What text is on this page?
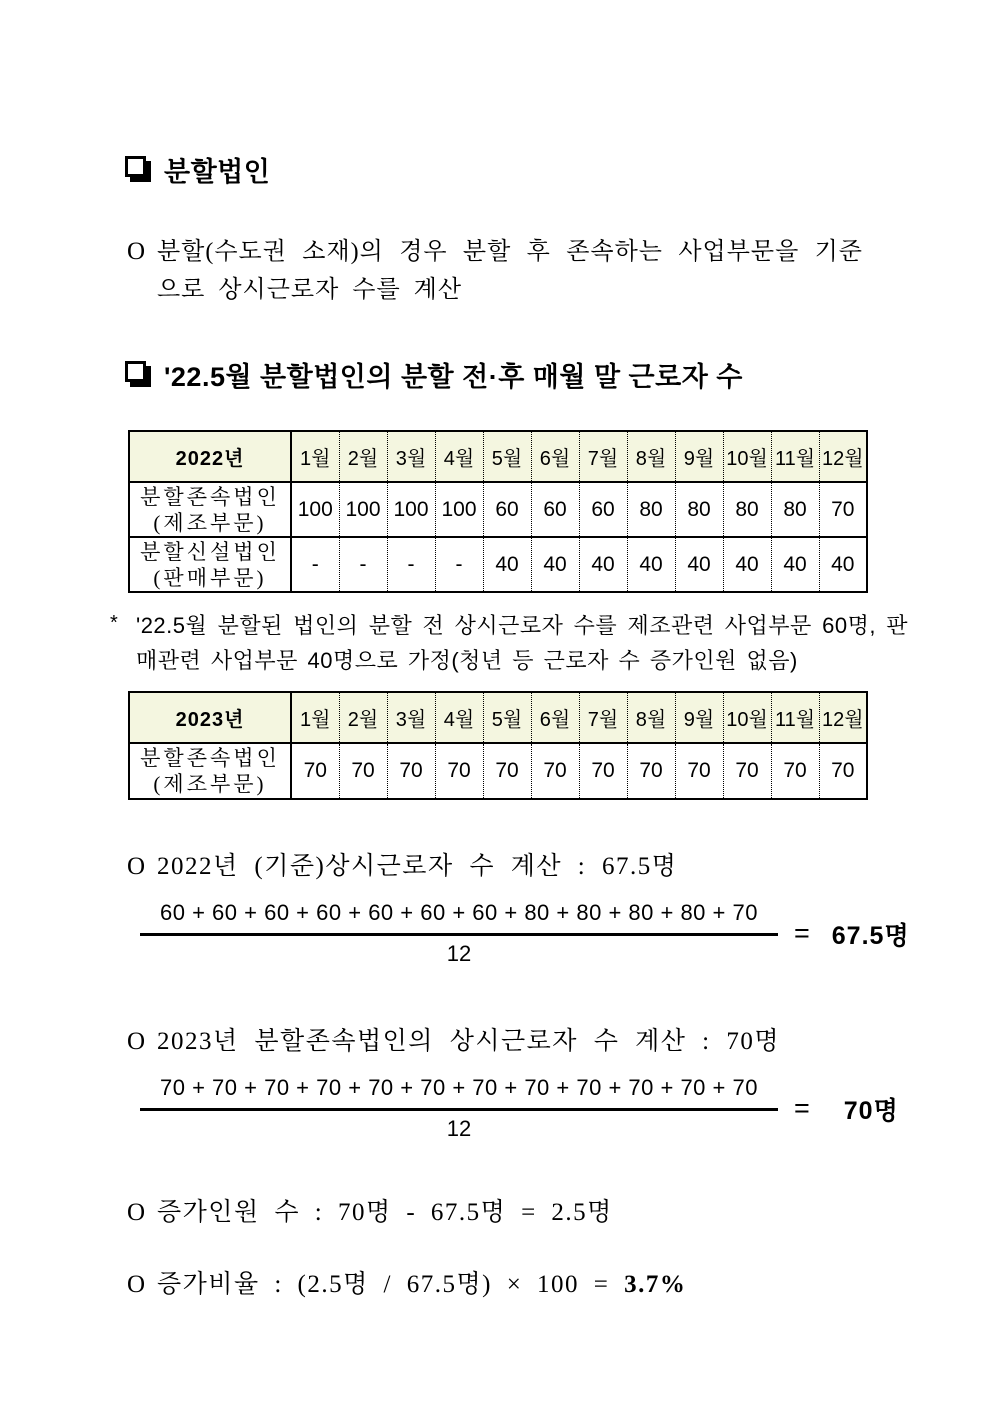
분할법인
O 분할(수도권 소재)의 경우 분할 후 존속하는 사업부문을 기준으로 상시근로자 수를 계산
'22.5월 분할법인의 분할 전·후 매월 말 근로자 수
2022년	1월	2월	3월	4월	5월	6월	7월	8월	9월	10월	11월	12월

분할존속법인
(제조부문)	100	100	100	100	60	60	60	80	80	80	80	70

분할신설법인
(판매부문)	-	-	-	-	40	40	40	40	40	40	40	40
* '22.5월 분할된 법인의 분할 전 상시근로자 수를 제조관련 사업부문 60명, 판매관련 사업부문 40명으로 가정(청년 등 근로자 수 증가인원 없음)
2023년	1월	2월	3월	4월	5월	6월	7월	8월	9월	10월	11월	12월

분할존속법인
(제조부문)	70	70	70	70	70	70	70	70	70	70	70	70
O 2022년 (기준)상시근로자 수 계산 : 67.5명
$\frac{60 + 60 + 60 + 60 + 60 + 60 + 60 + 80 + 80 + 80 + 80 + 70}{12} = 67.5$명
O 2023년 분할존속법인의 상시근로자 수 계산 : 70명
$\frac{70 + 70 + 70 + 70 + 70 + 70 + 70 + 70 + 70 + 70 + 70 + 70}{12} = 70$명
O 증가인원 수 : 70명 - 67.5명 = 2.5명
O 증가비율 : (2.5명 / 67.5명) × 100 = 3.7%
